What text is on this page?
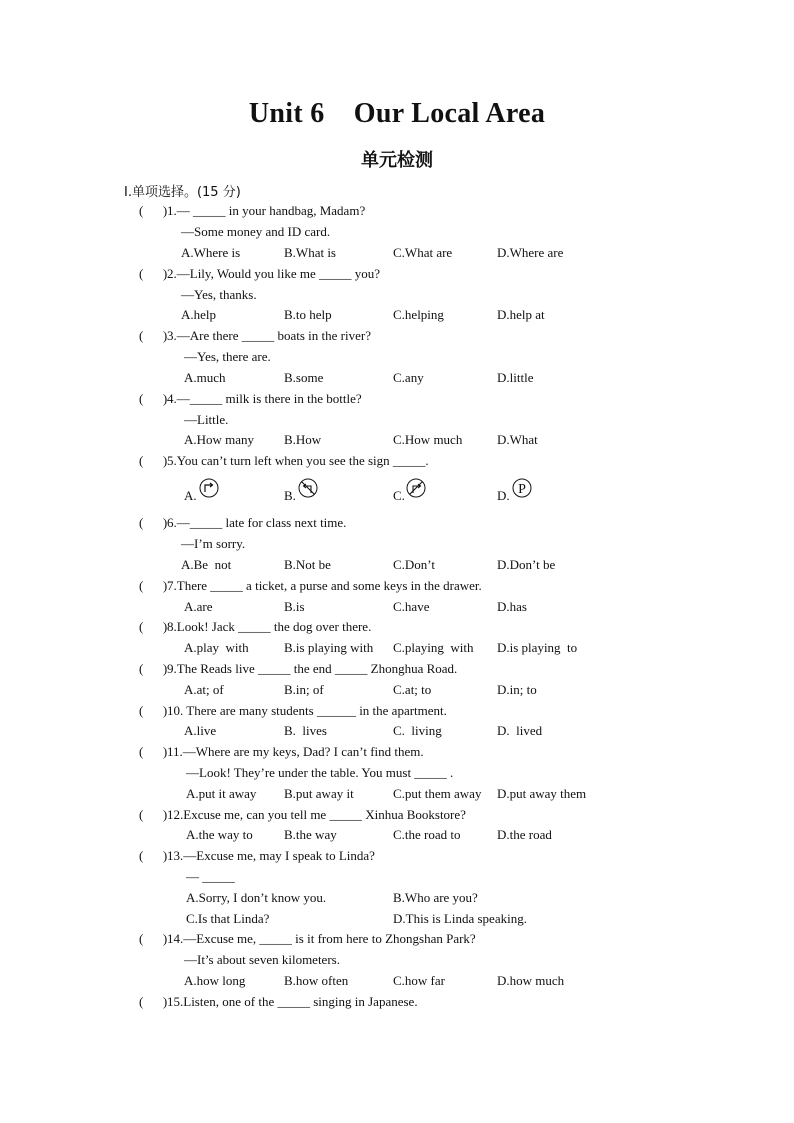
Unit 6    Our Local Area
单元检测
Ⅰ.单项选择。(15 分)
(      ) 1.— _____ in your handbag, Madam?
—Some money and ID card.
A.Where is	B.What is	C.What are	D.Where are
(      ) 2.—Lily, Would you like me _____ you?
—Yes, thanks.
A.help	B.to help	C.helping	D.help at
(      ) 3.—Are there _____ boats in the river?
—Yes, there are.
A.much	B.some	C.any	D.little
(      ) 4.—_____ milk is there in the bottle?
—Little.
A.How many B.How	C.How much	D.What
(      ) 5.You can’t turn left when you see the sign _____.
A.	B.	C.	D. P
(      ) 6.—_____ late for class next time.
—I’m sorry.
A.Be  not	B.Not be	C.Don’t	D.Don’t be
(      ) 7.There _____ a ticket, a purse and some keys in the drawer.
A.are	B.is	C.have	D.has
(      ) 8.Look! Jack _____ the dog over there.
A.play  with	B.is playing with C.playing  with D.is playing  to
(      ) 9.The Reads live _____ the end _____ Zhonghua Road.
A.at; of	B.in; of	C.at; to	D.in; to
(      ) 10. There are many students ______ in the apartment.
A.live	B.  lives	C.  living	D.  lived
(      ) 11.—Where are my keys, Dad? I can’t find them.
—Look! They’re under the table. You must _____ .
A.put it away B.put away it	C.put them away D.put away them
(      ) 12.Excuse me, can you tell me _____ Xinhua Bookstore?
A.the way to B.the way	C.the road to	D.the road
(      ) 13.—Excuse me, may I speak to Linda?
— _____
A.Sorry, I don’t know you.	B.Who are you?
C.Is that Linda?	D.This is Linda speaking.
(      ) 14.—Excuse me, _____ is it from here to Zhongshan Park?
—It’s about seven kilometers.
A.how long	B.how often	C.how far	D.how much
(      ) 15.Listen, one of the _____ singing in Japanese.
